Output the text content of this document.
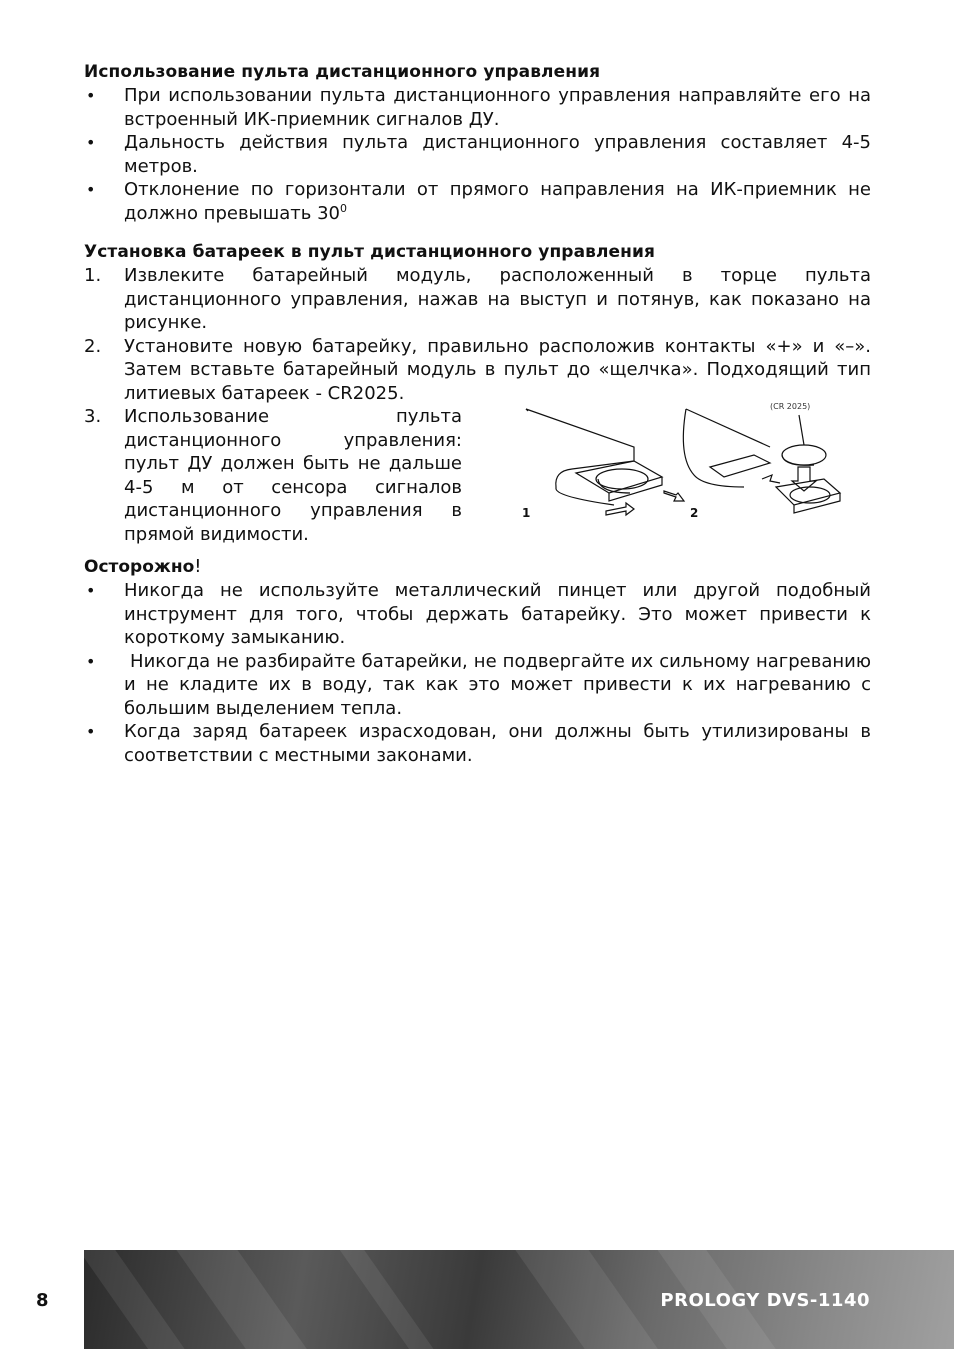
Использование пульта дистанционного управления
• При использовании пульта дистанционного управления направляйте его на встроенный ИК-приемник сигналов ДУ.
• Дальность действия пульта дистанционного управления составляет 4-5 метров.
• Отклонение по горизонтали от прямого направления на ИК-приемник не должно превышать $30^0$
Установка батареек в пульт дистанционного управления
1. Извлеките батарейный модуль, расположенный в торце пульта дистанционного управления, нажав на выступ и потянув, как показано на рисунке.
2. Установите новую батарейку, правильно расположив контакты «+» и «–». Затем вставьте батарейный модуль в пульт до «щелчка». Подходящий тип литиевых батареек - CR2025.
3. Использование пульта дистанционного управления: пульт ДУ должен быть не дальше 4-5 м от сенсора сигналов дистанционного управления в прямой видимости.
1	2
(CR 2025)

Осторожно!

• Никогда не используйте металлический пинцет или другой подобный инструмент для того, чтобы держать батарейку. Это может привести к короткому замыканию.
• Никогда не разбирайте батарейки, не подвергайте их сильному нагреванию и не кладите их в воду, так как это может привести к их нагреванию с большим выделением тепла.
• Когда заряд батареек израсходован, они должны быть утилизированы в соответствии с местными законами.
8	PROLOGY DVS-1140
